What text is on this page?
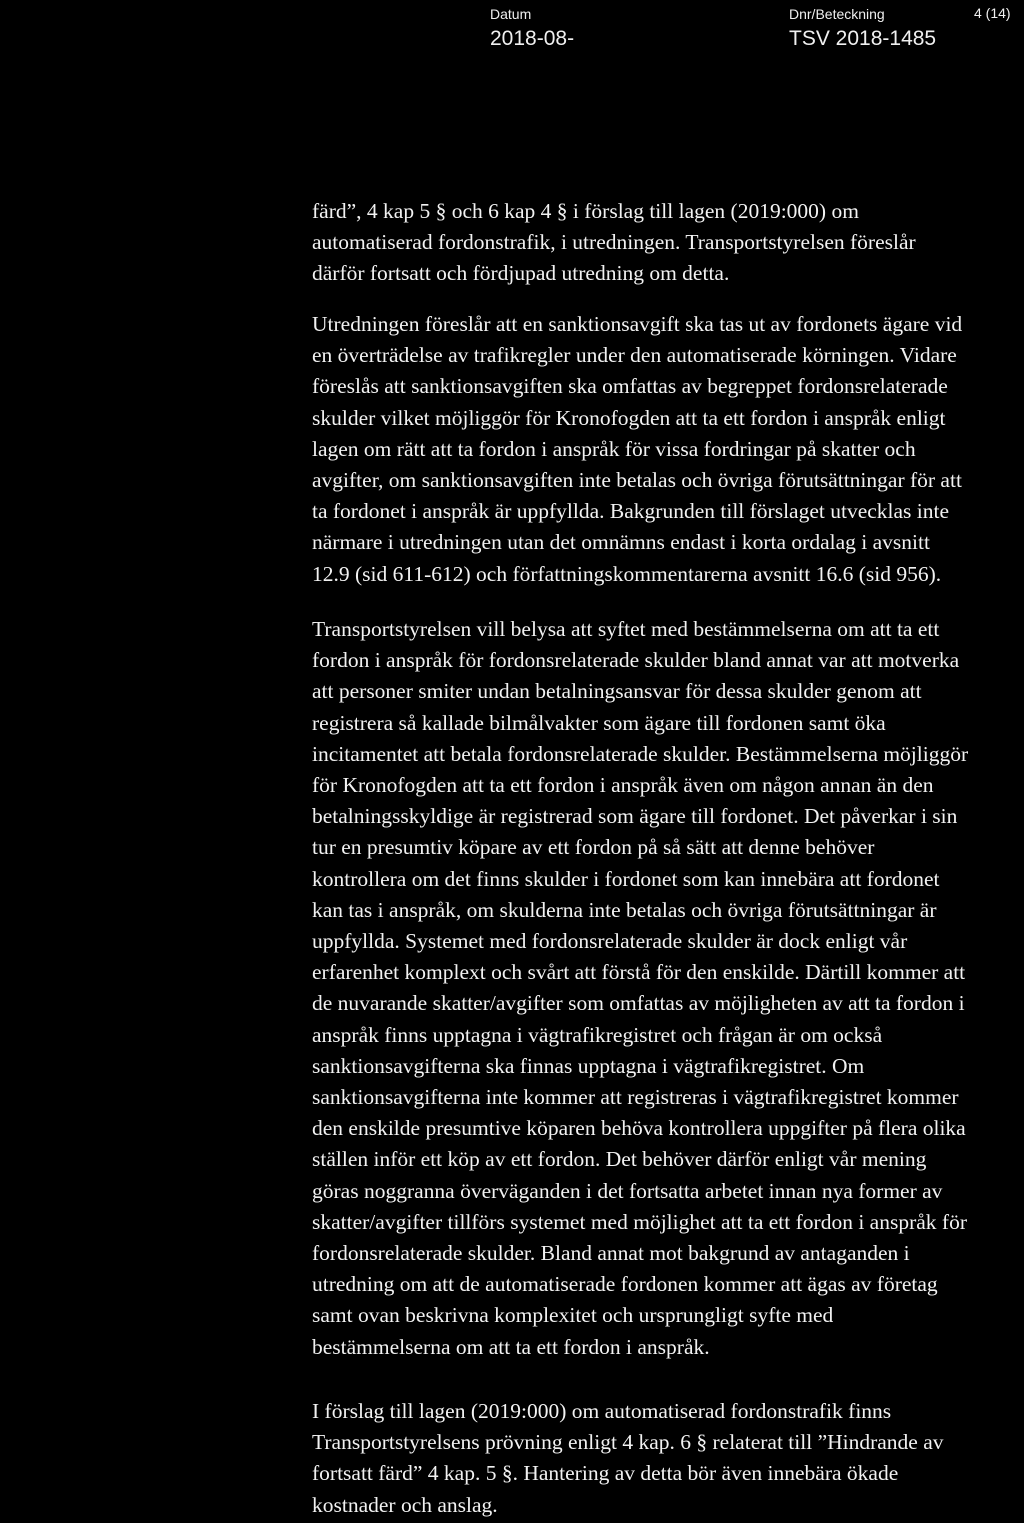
Datum
2018-08-
Dnr/Beteckning
TSV 2018-1485
4 (14)

färd”, 4 kap 5 § och 6 kap 4 § i förslag till lagen (2019:000) om
automatiserad fordonstrafik, i utredningen. Transportstyrelsen föreslår
därför fortsatt och fördjupad utredning om detta.

Utredningen föreslår att en sanktionsavgift ska tas ut av fordonets ägare vid
en överträdelse av trafikregler under den automatiserade körningen. Vidare
föreslås att sanktionsavgiften ska omfattas av begreppet fordonsrelaterade
skulder vilket möjliggör för Kronofogden att ta ett fordon i anspråk enligt
lagen om rätt att ta fordon i anspråk för vissa fordringar på skatter och
avgifter, om sanktionsavgiften inte betalas och övriga förutsättningar för att
ta fordonet i anspråk är uppfyllda. Bakgrunden till förslaget utvecklas inte
närmare i utredningen utan det omnämns endast i korta ordalag i avsnitt
12.9 (sid 611-612) och författningskommentarerna avsnitt 16.6 (sid 956).

Transportstyrelsen vill belysa att syftet med bestämmelserna om att ta ett
fordon i anspråk för fordonsrelaterade skulder bland annat var att motverka
att personer smiter undan betalningsansvar för dessa skulder genom att
registrera så kallade bilmålvakter som ägare till fordonen samt öka
incitamentet att betala fordonsrelaterade skulder. Bestämmelserna möjliggör
för Kronofogden att ta ett fordon i anspråk även om någon annan än den
betalningsskyldige är registrerad som ägare till fordonet. Det påverkar i sin
tur en presumtiv köpare av ett fordon på så sätt att denne behöver
kontrollera om det finns skulder i fordonet som kan innebära att fordonet
kan tas i anspråk, om skulderna inte betalas och övriga förutsättningar är
uppfyllda. Systemet med fordonsrelaterade skulder är dock enligt vår
erfarenhet komplext och svårt att förstå för den enskilde. Därtill kommer att
de nuvarande skatter/avgifter som omfattas av möjligheten av att ta fordon i
anspråk finns upptagna i vägtrafikregistret och frågan är om också
sanktionsavgifterna ska finnas upptagna i vägtrafikregistret. Om
sanktionsavgifterna inte kommer att registreras i vägtrafikregistret kommer
den enskilde presumtive köparen behöva kontrollera uppgifter på flera olika
ställen inför ett köp av ett fordon. Det behöver därför enligt vår mening
göras noggranna överväganden i det fortsatta arbetet innan nya former av
skatter/avgifter tillförs systemet med möjlighet att ta ett fordon i anspråk för
fordonsrelaterade skulder. Bland annat mot bakgrund av antaganden i
utredning om att de automatiserade fordonen kommer att ägas av företag
samt ovan beskrivna komplexitet och ursprungligt syfte med
bestämmelserna om att ta ett fordon i anspråk.

I förslag till lagen (2019:000) om automatiserad fordonstrafik finns
Transportstyrelsens prövning enligt 4 kap. 6 § relaterat till ”Hindrande av
fortsatt färd” 4 kap. 5 §. Hantering av detta bör även innebära ökade
kostnader och anslag.
